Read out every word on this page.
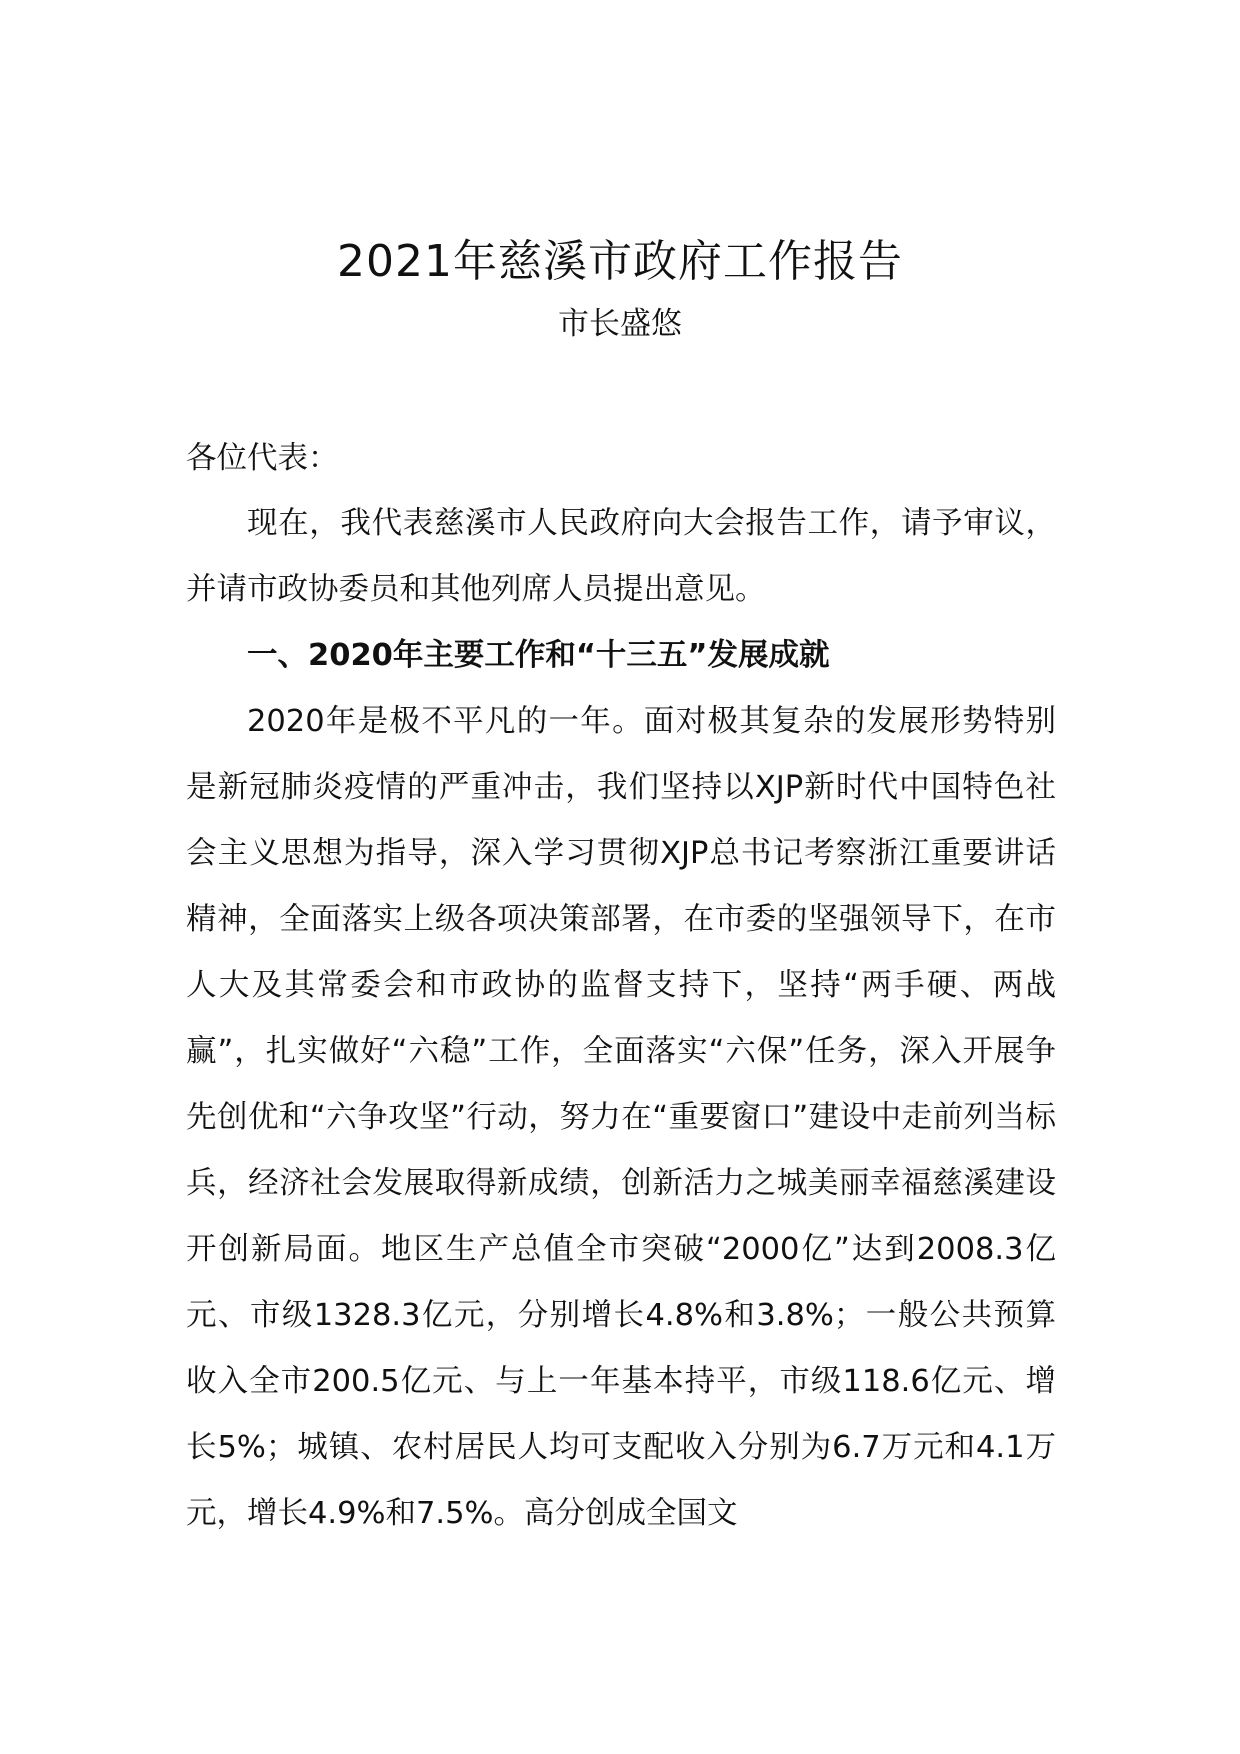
2021年慈溪市政府工作报告
市长盛悠
各位代表：
现在，我代表慈溪市人民政府向大会报告工作，请予审议，并请市政协委员和其他列席人员提出意见。
一、2020年主要工作和“十三五”发展成就
2020年是极不平凡的一年。面对极其复杂的发展形势特别是新冠肺炎疫情的严重冲击，我们坚持以XJP新时代中国特色社会主义思想为指导，深入学习贯彻XJP总书记考察浙江重要讲话精神，全面落实上级各项决策部署，在市委的坚强领导下，在市人大及其常委会和市政协的监督支持下，坚持“两手硬、两战赢”，扎实做好“六稳”工作，全面落实“六保”任务，深入开展争先创优和“六争攻坚”行动，努力在“重要窗口”建设中走前列当标兵，经济社会发展取得新成绩，创新活力之城美丽幸福慈溪建设开创新局面。地区生产总值全市突破“2000亿”达到2008.3亿元、市级1328.3亿元，分别增长4.8%和3.8%；一般公共预算收入全市200.5亿元、与上一年基本持平，市级118.6亿元、增长5%；城镇、农村居民人均可支配收入分别为6.7万元和4.1万元，增长4.9%和7.5%。高分创成全国文
